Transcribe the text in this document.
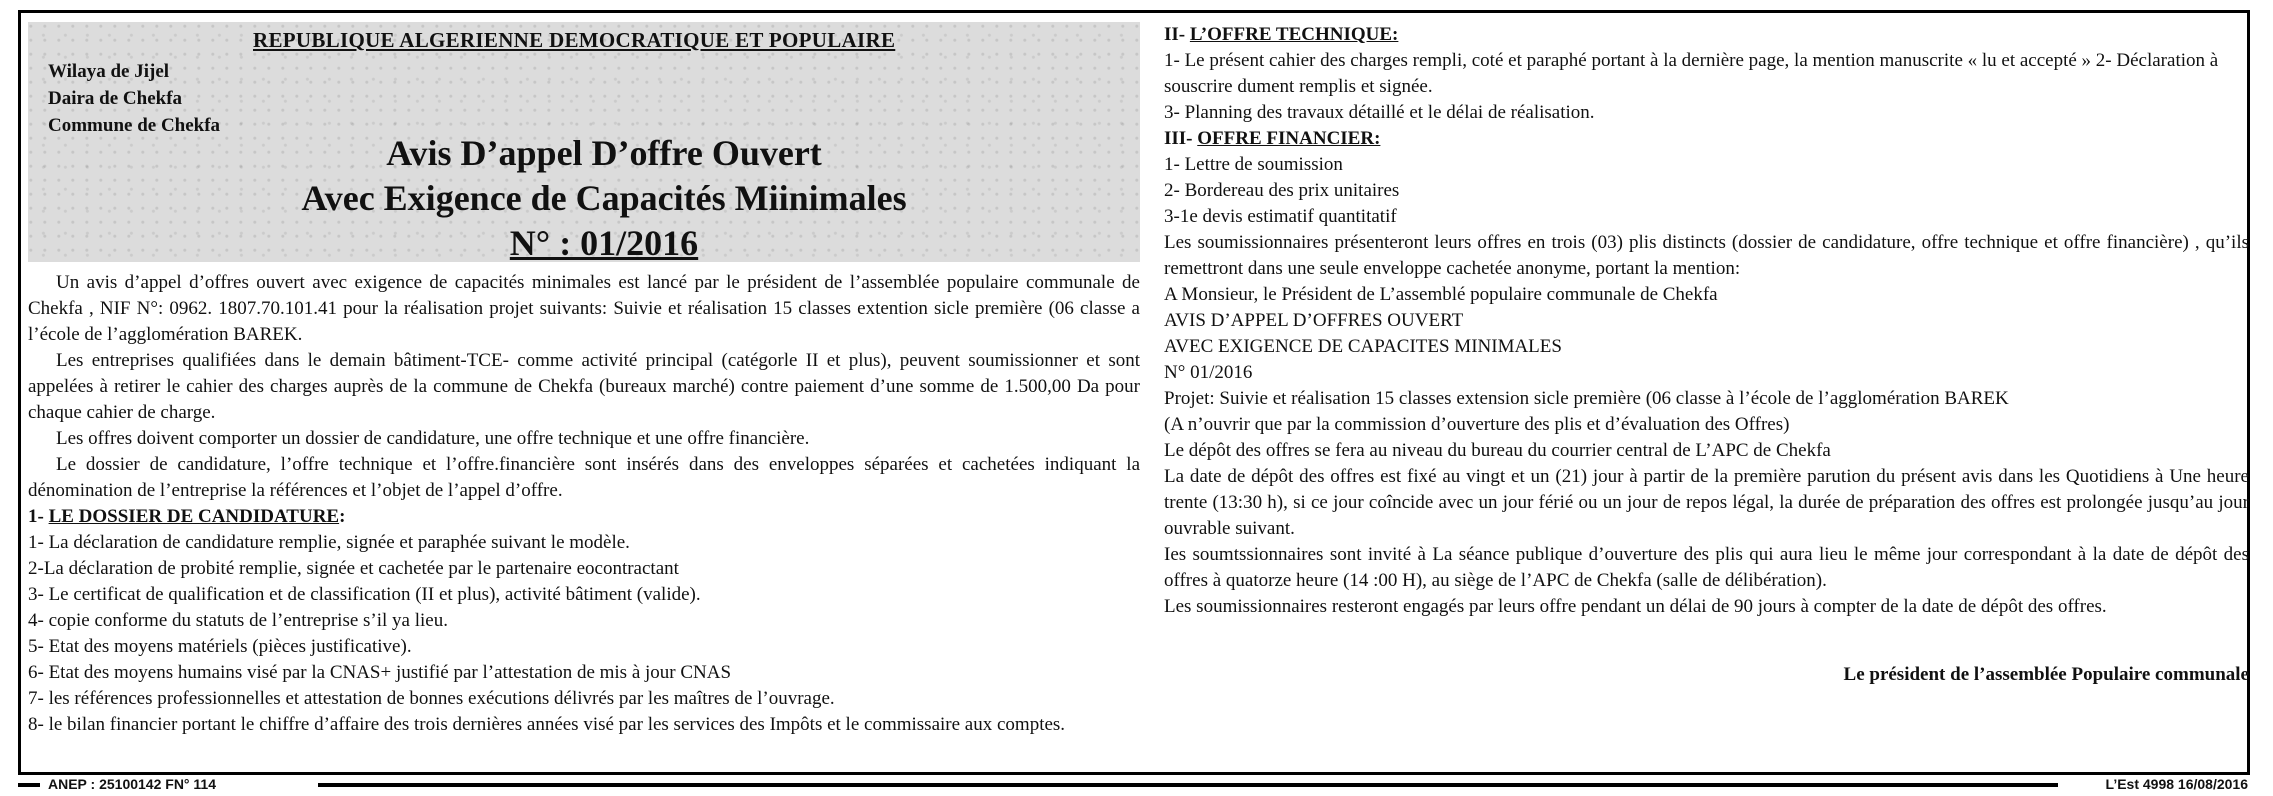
REPUBLIQUE ALGERIENNE DEMOCRATIQUE ET POPULAIRE
Wilaya de Jijel
Daira de Chekfa
Commune de Chekfa
Avis D’appel D’offre Ouvert
Avec Exigence de Capacités Miinimales
N° : 01/2016

Un avis d’appel d’offres ouvert avec exigence de capacités minimales est lancé par le président de l’assemblée populaire communale de Chekfa , NIF N°: 0962. 1807.70.101.41 pour la réalisation projet suivants: Suivie et réalisation 15 classes extention sicle première (06 classe a l’école de l’agglomération BAREK.

Les entreprises qualifiées dans le demain bâtiment-TCE- comme activité principal (catégorle II et plus), peuvent soumissionner et sont appelées à retirer le cahier des charges auprès de la commune de Chekfa (bureaux marché) contre paiement d’une somme de 1.500,00 Da pour chaque cahier de charge.

Les offres doivent comporter un dossier de candidature, une offre technique et une offre financière.

Le dossier de candidature, l’offre technique et l’offre.financière sont insérés dans des enveloppes séparées et cachetées indiquant la dénomination de l’entreprise la références et l’objet de l’appel d’offre.

1- LE DOSSIER DE CANDIDATURE:
1- La déclaration de candidature remplie, signée et paraphée suivant le modèle.
2-La déclaration de probité remplie, signée et cachetée par le partenaire eocontractant
3- Le certificat de qualification et de classification (II et plus), activité bâtiment (valide).
4- copie conforme du statuts de l’entreprise s’il ya lieu.
5- Etat des moyens matériels (pièces justificative).
6- Etat des moyens humains visé par la CNAS+ justifié par l’attestation de mis à jour CNAS
7- les références professionnelles et attestation de bonnes exécutions délivrés par les maîtres de l’ouvrage.
8- le bilan financier portant le chiffre d’affaire des trois dernières années visé par les services des Impôts et le commissaire aux comptes.
II- L’OFFRE TECHNIQUE:
1- Le présent cahier des charges rempli, coté et paraphé portant à la dernière page, la mention manuscrite « lu et accepté » 2- Déclaration à souscrire dument remplis et signée.
3- Planning des travaux détaillé et le délai de réalisation.
III- OFFRE FINANCIER:
1- Lettre de soumission
2- Bordereau des prix unitaires
3-1e devis estimatif quantitatif

Les soumissionnaires présenteront leurs offres en trois (03) plis distincts (dossier de candidature, offre technique et offre financière) , qu’ils remettront dans une seule enveloppe cachetée anonyme, portant la mention:

A Monsieur, le Président de L’assemblé populaire communale de Chekfa
AVIS D’APPEL D’OFFRES OUVERT
AVEC EXIGENCE DE CAPACITES MINIMALES
N° 01/2016
Projet: Suivie et réalisation 15 classes extension sicle première (06 classe à l’école de l’agglomération BAREK
(A n’ouvrir que par la commission d’ouverture des plis et d’évaluation des Offres)
Le dépôt des offres se fera au niveau du bureau du courrier central de L’APC de Chekfa

La date de dépôt des offres est fixé au vingt et un (21) jour à partir de la première parution du présent avis dans les Quotidiens à Une heure trente (13:30 h), si ce jour coîncide avec un jour férié ou un jour de repos légal, la durée de préparation des offres est prolongée jusqu’au jour ouvrable suivant.

Ies soumtssionnaires sont invité à La séance publique d’ouverture des plis qui aura lieu le même jour correspondant à la date de dépôt des offres à quatorze heure (14 :00 H), au siège de l’APC de Chekfa (salle de délibération).

Les soumissionnaires resteront engagés par leurs offre pendant un délai de 90 jours à compter de la date de dépôt des offres.

Le président de l’assemblée Populaire communale
ANEP : 25100142 FN° 114	L’Est 4998 16/08/2016
